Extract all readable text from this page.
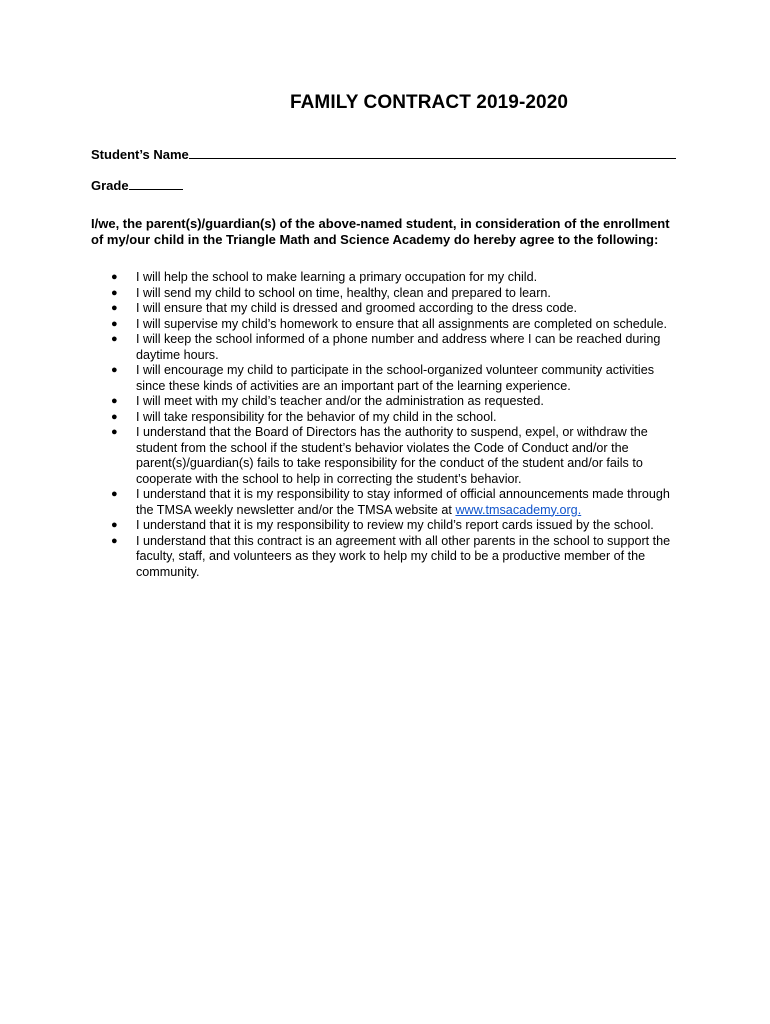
FAMILY CONTRACT 2019-2020
Student’s Name
Grade
I/we, the parent(s)/guardian(s) of the above-named student, in consideration of the enrollment of my/our child in the Triangle Math and Science Academy do hereby agree to the following:
● I will help the school to make learning a primary occupation for my child.
● I will send my child to school on time, healthy, clean and prepared to learn.
● I will ensure that my child is dressed and groomed according to the dress code.
● I will supervise my child’s homework to ensure that all assignments are completed on schedule.
● I will keep the school informed of a phone number and address where I can be reached during daytime hours.
● I will encourage my child to participate in the school-organized volunteer community activities since these kinds of activities are an important part of the learning experience.
● I will meet with my child’s teacher and/or the administration as requested.
● I will take responsibility for the behavior of my child in the school.
● I understand that the Board of Directors has the authority to suspend, expel, or withdraw the student from the school if the student’s behavior violates the Code of Conduct and/or the parent(s)/guardian(s) fails to take responsibility for the conduct of the student and/or fails to cooperate with the school to help in correcting the student’s behavior.
● I understand that it is my responsibility to stay informed of official announcements made through the TMSA weekly newsletter and/or the TMSA website at www.tmsacademy.org.
● I understand that it is my responsibility to review my child’s report cards issued by the school.
● I understand that this contract is an agreement with all other parents in the school to support the faculty, staff, and volunteers as they work to help my child to be a productive member of the community.
